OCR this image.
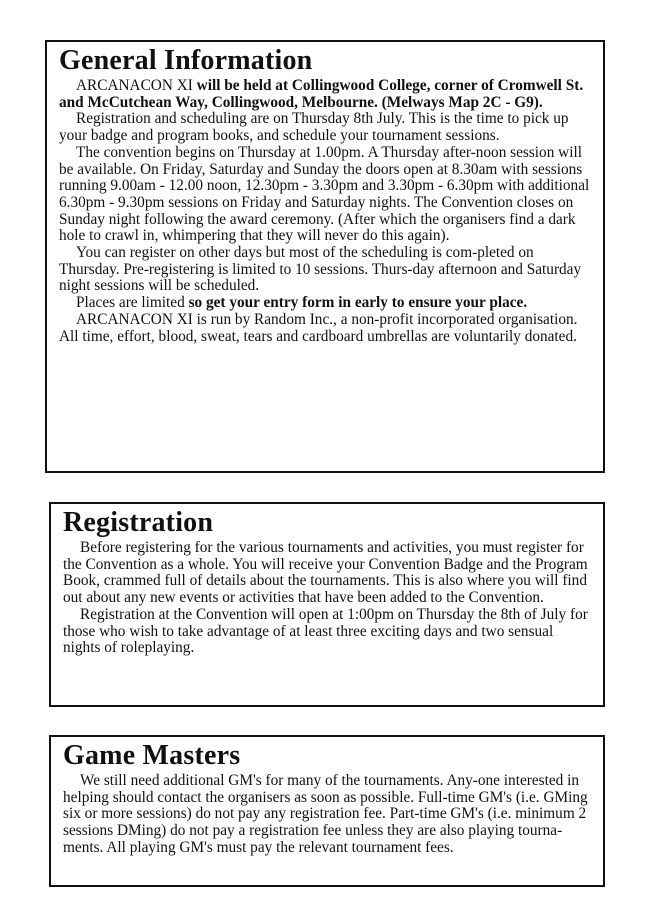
General Information

ARCANACON XI will be held at Collingwood College, corner of Cromwell St. and McCutchean Way, Collingwood, Melbourne. (Melways Map 2C - G9).

Registration and scheduling are on Thursday 8th July. This is the time to pick up your badge and program books, and schedule your tournament sessions.

The convention begins on Thursday at 1.00pm. A Thursday after-noon session will be available. On Friday, Saturday and Sunday the doors open at 8.30am with sessions running 9.00am - 12.00 noon, 12.30pm - 3.30pm and 3.30pm - 6.30pm with additional 6.30pm - 9.30pm sessions on Friday and Saturday nights. The Convention closes on Sunday night following the award ceremony. (After which the organisers find a dark hole to crawl in, whimpering that they will never do this again).

You can register on other days but most of the scheduling is com-pleted on Thursday. Pre-registering is limited to 10 sessions. Thurs-day afternoon and Saturday night sessions will be scheduled.

Places are limited so get your entry form in early to ensure your place.

ARCANACON XI is run by Random Inc., a non-profit incorporated organisation. All time, effort, blood, sweat, tears and cardboard umbrellas are voluntarily donated.

Registration

Before registering for the various tournaments and activities, you must register for the Convention as a whole. You will receive your Convention Badge and the Program Book, crammed full of details about the tournaments. This is also where you will find out about any new events or activities that have been added to the Convention.

Registration at the Convention will open at 1:00pm on Thursday the 8th of July for those who wish to take advantage of at least three exciting days and two sensual nights of roleplaying.

Game Masters

We still need additional GM's for many of the tournaments. Any-one interested in helping should contact the organisers as soon as possible. Full-time GM's (i.e. GMing six or more sessions) do not pay any registration fee. Part-time GM's (i.e. minimum 2 sessions DMing) do not pay a registration fee unless they are also playing tourna-ments. All playing GM's must pay the relevant tournament fees.
